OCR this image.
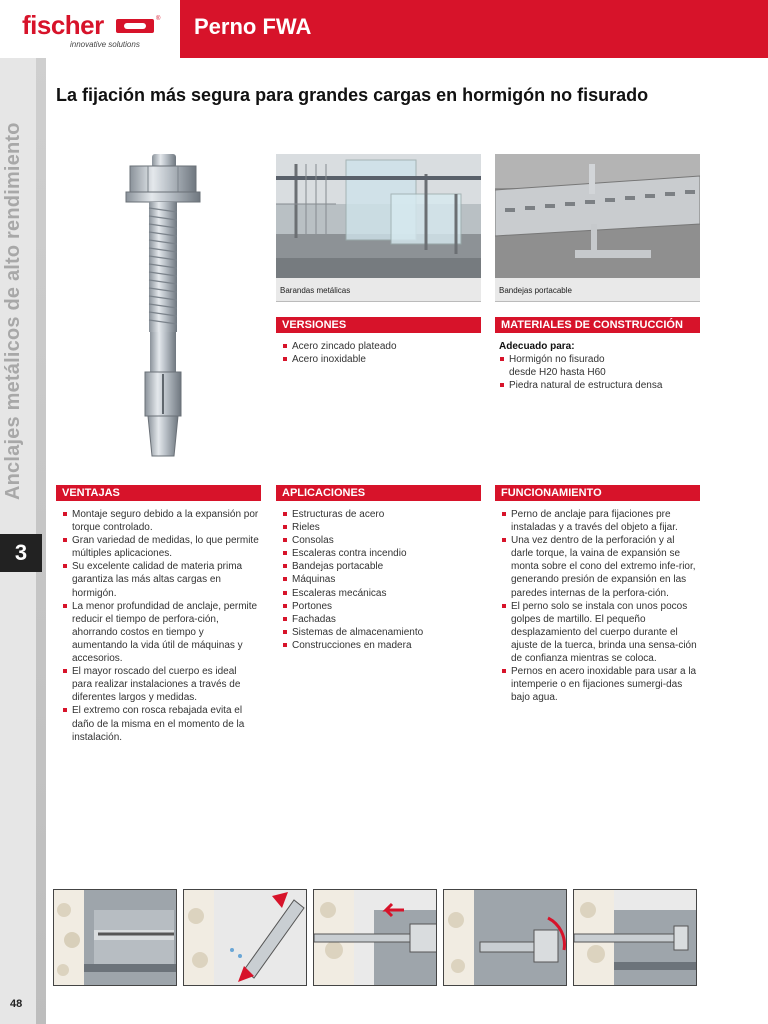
fischer	®
innovative solutions
Perno FWA
Anclajes metálicos de alto rendimiento
3
48
La fijación más segura para grandes cargas en hormigón no fisurado
Barandas metálicas	Bandejas portacable
VERSIONES
Acero zincado plateado
Acero inoxidable
MATERIALES DE CONSTRUCCIÓN
Adecuado para:
Hormigón no fisurado desde H20 hasta H60
Piedra natural de estructura densa
VENTAJAS
Montaje seguro debido a la expansión por torque controlado.
Gran variedad de medidas, lo que permite múltiples aplicaciones.
Su excelente calidad de materia prima garantiza las más altas cargas en hormigón.
La menor profundidad de anclaje, permite reducir el tiempo de perfora-ción, ahorrando costos en tiempo y aumentando la vida útil de máquinas y accesorios.
El mayor roscado del cuerpo es ideal para realizar instalaciones a través de diferentes largos y medidas.
El extremo con rosca rebajada evita el daño de la misma en el momento de la instalación.
APLICACIONES
Estructuras de acero
Rieles
Consolas
Escaleras contra incendio
Bandejas portacable
Máquinas
Escaleras mecánicas
Portones
Fachadas
Sistemas de almacenamiento
Construcciones en madera
FUNCIONAMIENTO
Perno de anclaje para fijaciones pre instaladas y a través del objeto a fijar.
Una vez dentro de la perforación y al darle torque, la vaina de expansión se monta sobre el cono del extremo infe-rior, generando presión de expansión en las paredes internas de la perfora-ción.
El perno solo se instala con unos pocos golpes de martillo. El pequeño desplazamiento del cuerpo durante el ajuste de la tuerca, brinda una sensa-ción de confianza mientras se coloca.
Pernos en acero inoxidable para usar a la intemperie o en fijaciones sumergi-das bajo agua.
